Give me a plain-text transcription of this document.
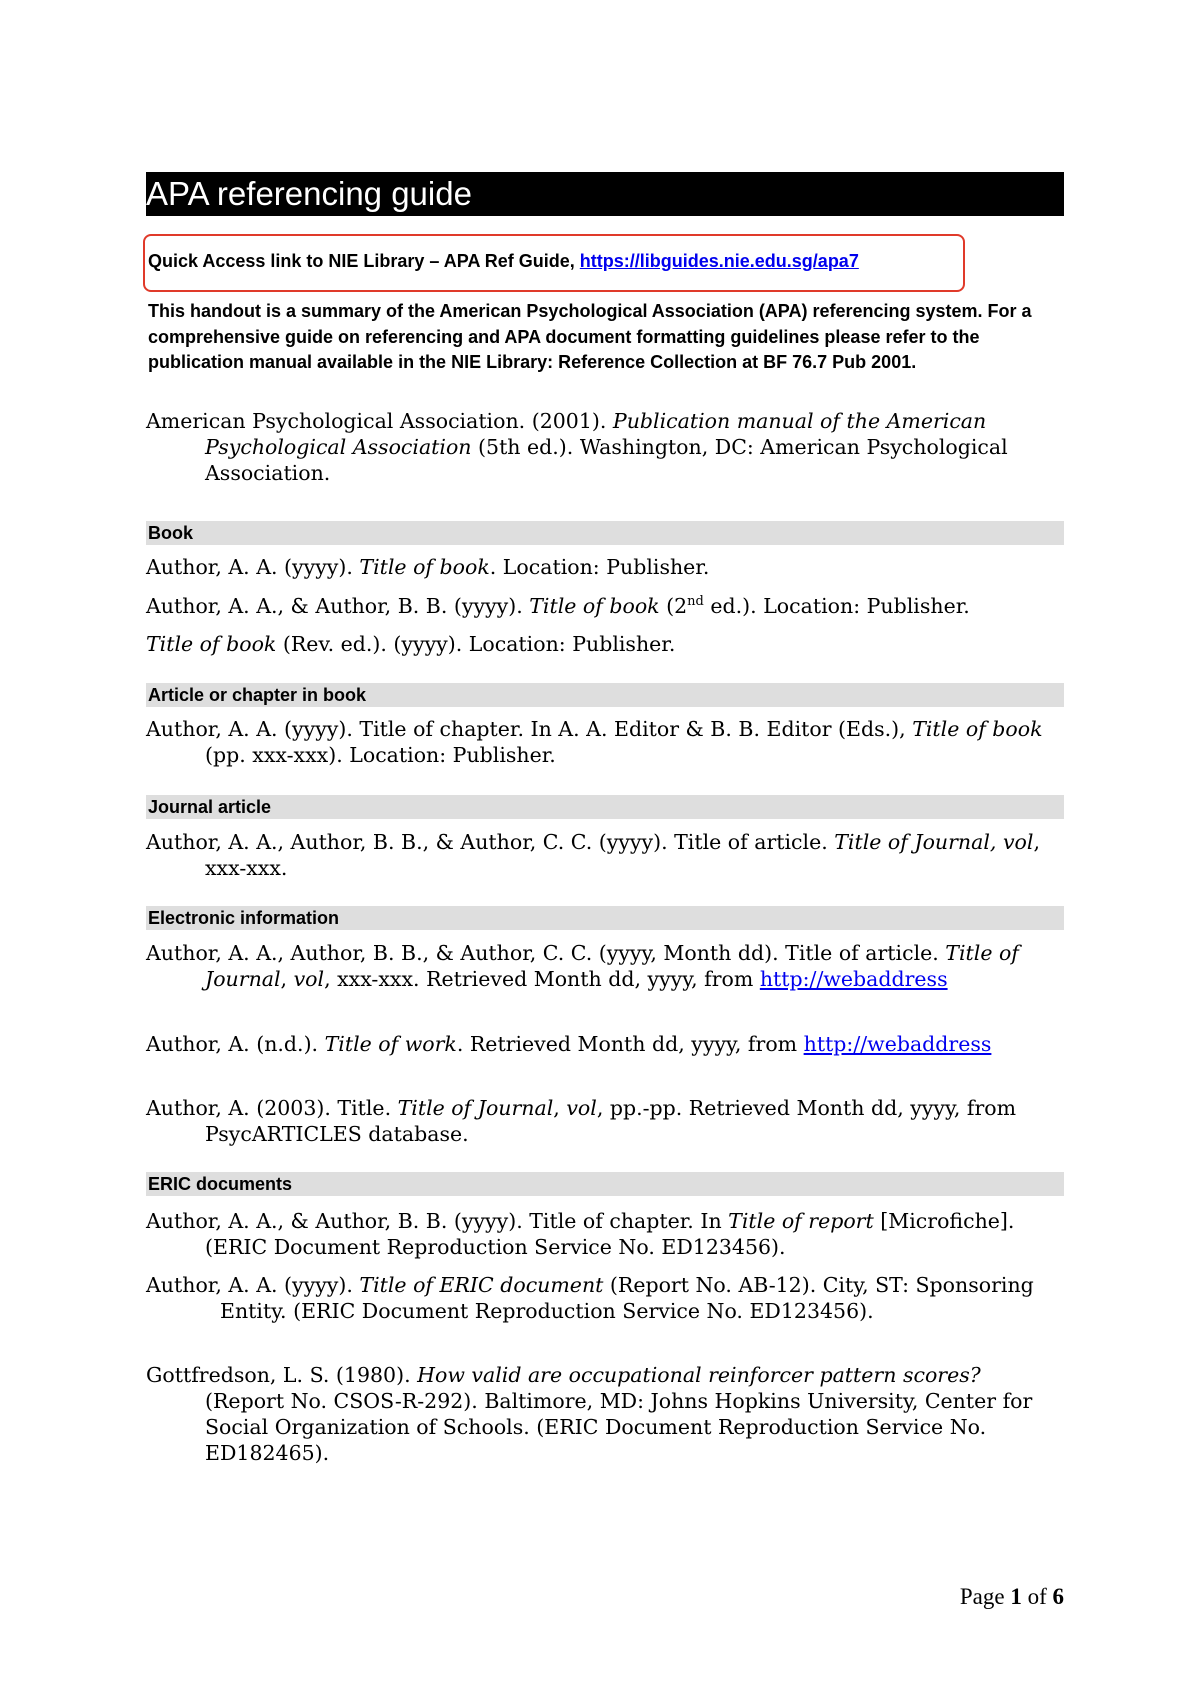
APA referencing guide
Quick Access link to NIE Library – APA Ref Guide, https://libguides.nie.edu.sg/apa7
This handout is a summary of the American Psychological Association (APA) referencing system. For a comprehensive guide on referencing and APA document formatting guidelines please refer to the publication manual available in the NIE Library: Reference Collection at BF 76.7 Pub 2001.
American Psychological Association. (2001). Publication manual of the American Psychological Association (5th ed.). Washington, DC: American Psychological Association.
Book
Author, A. A. (yyyy). Title of book. Location: Publisher.
Author, A. A., & Author, B. B. (yyyy). Title of book (2nd ed.). Location: Publisher.
Title of book (Rev. ed.). (yyyy). Location: Publisher.
Article or chapter in book
Author, A. A. (yyyy). Title of chapter. In A. A. Editor & B. B. Editor (Eds.), Title of book (pp. xxx-xxx). Location: Publisher.
Journal article
Author, A. A., Author, B. B., & Author, C. C. (yyyy). Title of article. Title of Journal, vol, xxx-xxx.
Electronic information
Author, A. A., Author, B. B., & Author, C. C. (yyyy, Month dd). Title of article. Title of Journal, vol, xxx-xxx. Retrieved Month dd, yyyy, from http://webaddress
Author, A. (n.d.). Title of work. Retrieved Month dd, yyyy, from http://webaddress
Author, A. (2003). Title. Title of Journal, vol, pp.-pp. Retrieved Month dd, yyyy, from PsycARTICLES database.
ERIC documents
Author, A. A., & Author, B. B. (yyyy). Title of chapter. In Title of report [Microfiche]. (ERIC Document Reproduction Service No. ED123456).
Author, A. A. (yyyy). Title of ERIC document (Report No. AB-12). City, ST: Sponsoring Entity. (ERIC Document Reproduction Service No. ED123456).
Gottfredson, L. S. (1980). How valid are occupational reinforcer pattern scores? (Report No. CSOS-R-292). Baltimore, MD: Johns Hopkins University, Center for Social Organization of Schools. (ERIC Document Reproduction Service No. ED182465).
Page 1 of 6
